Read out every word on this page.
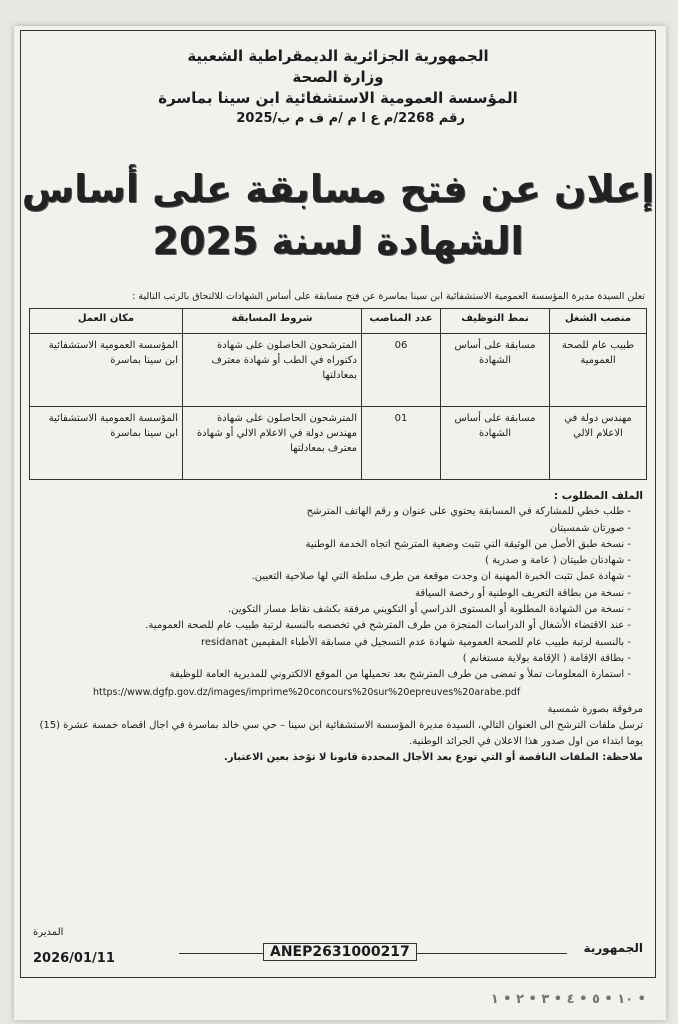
الجمهورية الجزائرية الديمقراطية الشعبية
وزارة الصحة
المؤسسة العمومية الاستشفائية ابن سينا بماسرة
رقم 2268/م ع ا م /م ف م ب/2025
إعلان عن فتح مسابقة على أساس
الشهادة لسنة 2025
تعلن السيدة مديرة المؤسسة العمومية الاستشفائية ابن سينا بماسرة عن فتح مسابقة على أساس الشهادات للالتحاق بالرتب التالية :
منصب الشغل	نمط التوظيف	عدد المناصب	شروط المسابقة	مكان العمل
طبيب عام للصحة العمومية	مسابقة على أساس الشهادة	06	المترشحون الحاصلون على شهادة دكتوراه في الطب أو شهادة معترف بمعادلتها	المؤسسة العمومية الاستشفائية ابن سينا بماسرة
مهندس دولة في الاعلام الالي	مسابقة على أساس الشهادة	01	المترشحون الحاصلون على شهادة مهندس دولة في الاعلام الالي أو شهادة معترف بمعادلتها	المؤسسة العمومية الاستشفائية ابن سينا بماسرة
الملف المطلوب :
- طلب خطي للمشاركة في المسابقة يحتوي على عنوان و رقم الهاتف المترشح
- صورتان شمسيتان
- نسخة طبق الأصل من الوثيقة التي تثبت وضعية المترشح اتجاه الخدمة الوطنية
- شهادتان طبيتان ( عامة و صدرية )
- شهادة عمل تثبت الخبرة المهنية ان وجدت موقعة من طرف سلطة التي لها صلاحية التعيين.
- نسخة من بطاقة التعريف الوطنية أو رخصة السياقة
- نسخة من الشهادة المطلوبة أو المستوى الدراسي أو التكويني مرفقة بكشف نقاط مسار التكوين.
- عند الاقتضاء الأشغال أو الدراسات المنجزة من طرف المترشح في تخصصه بالنسبة لرتبة طبيب عام للصحة العمومية.
- بالنسبة لرتبة طبيب عام للصحة العمومية شهادة عدم التسجيل في مسابقة الأطباء المقيمين residanat
- بطاقة الإقامة ( الإقامة بولاية مستغانم )
- استمارة المعلومات تملأ و تمضى من طرف المترشح بعد تحميلها من الموقع الالكتروني للمديرية العامة للوظيفة
https://www.dgfp.gov.dz/images/imprime%20concours%20sur%20epreuves%20arabe.pdf
مرفوقة بصورة شمسية
ترسل ملفات الترشح الى العنوان التالي، السيدة مديرة المؤسسة الاستشفائية ابن سينا – حي سي خالد بماسرة في اجال اقصاه خمسة عشرة (15) يوما ابتداء من اول صدور هذا الاعلان في الجرائد الوطنية.
ملاحظة: الملفات الناقصة أو التي تودع بعد الأجال المحددة قانونا لا تؤخذ بعين الاعتبار.
المديرة
2026/01/11	ANEP2631000217	الجمهورية
• ١٠ • ٥ • ٤ • ٣ • ٢ • ١
